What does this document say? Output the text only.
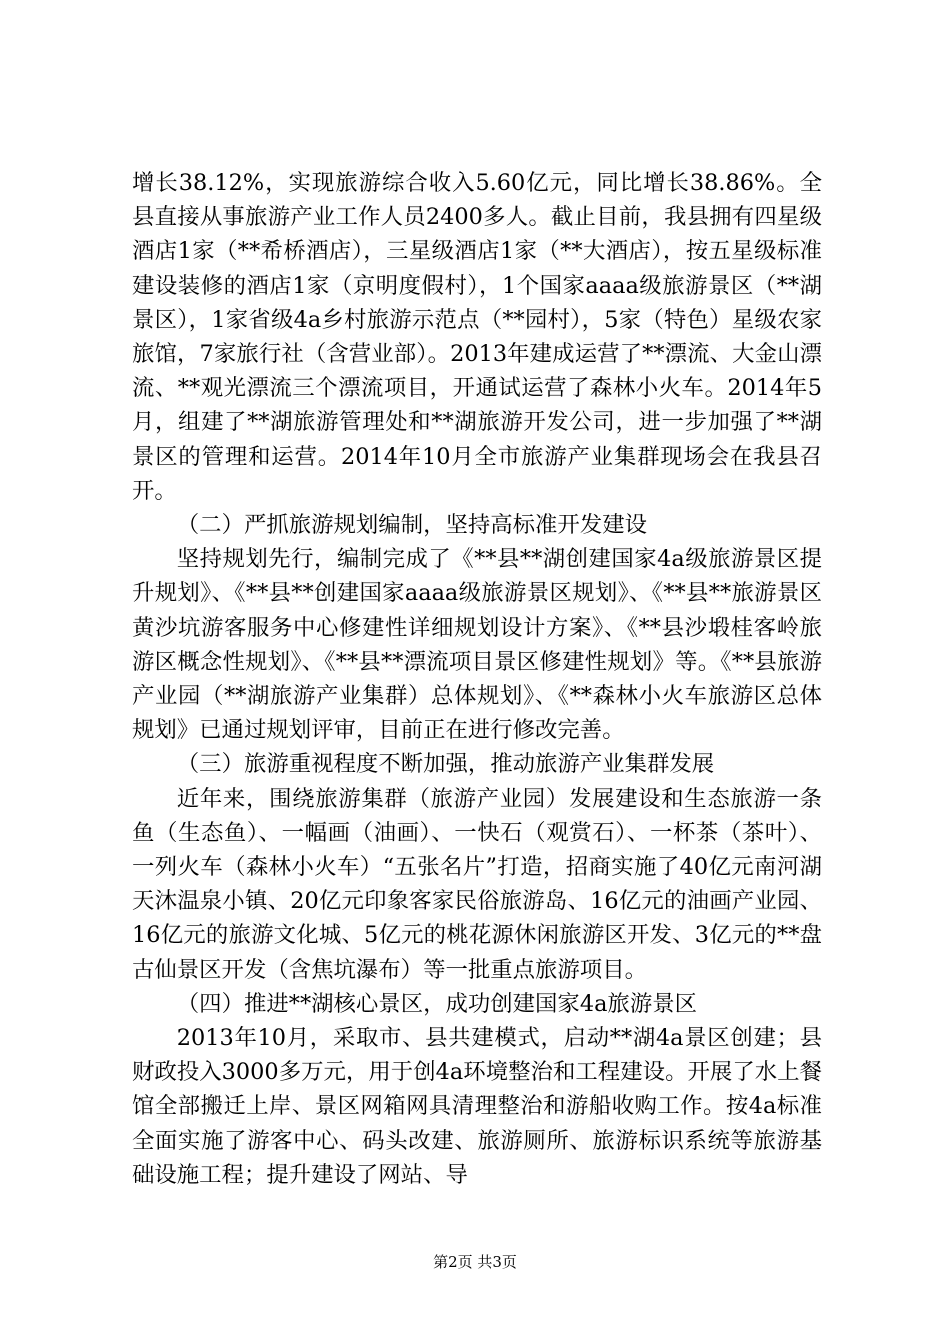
增长38.12%，实现旅游综合收入5.60亿元，同比增长38.86%。全县直接从事旅游产业工作人员2400多人。截止目前，我县拥有四星级酒店1家（**希桥酒店），三星级酒店1家（**大酒店），按五星级标准建设装修的酒店1家（京明度假村），1个国家aaaa级旅游景区（**湖景区），1家省级4a乡村旅游示范点（**园村），5家（特色）星级农家旅馆，7家旅行社（含营业部）。2013年建成运营了**漂流、大金山漂流、**观光漂流三个漂流项目，开通试运营了森林小火车。2014年5月，组建了**湖旅游管理处和**湖旅游开发公司，进一步加强了**湖景区的管理和运营。2014年10月全市旅游产业集群现场会在我县召开。

（二）严抓旅游规划编制，坚持高标准开发建设

坚持规划先行，编制完成了《**县**湖创建国家4a级旅游景区提升规划》、《**县**创建国家aaaa级旅游景区规划》、《**县**旅游景区黄沙坑游客服务中心修建性详细规划设计方案》、《**县沙塅桂客岭旅游区概念性规划》、《**县**漂流项目景区修建性规划》等。《**县旅游产业园（**湖旅游产业集群）总体规划》、《**森林小火车旅游区总体规划》已通过规划评审，目前正在进行修改完善。

（三）旅游重视程度不断加强，推动旅游产业集群发展

近年来，围绕旅游集群（旅游产业园）发展建设和生态旅游一条鱼（生态鱼）、一幅画（油画）、一快石（观赏石）、一杯茶（茶叶）、一列火车（森林小火车）“五张名片”打造，招商实施了40亿元南河湖天沐温泉小镇、20亿元印象客家民俗旅游岛、16亿元的油画产业园、16亿元的旅游文化城、5亿元的桃花源休闲旅游区开发、3亿元的**盘古仙景区开发（含焦坑瀑布）等一批重点旅游项目。

（四）推进**湖核心景区，成功创建国家4a旅游景区

2013年10月，采取市、县共建模式，启动**湖4a景区创建；县财政投入3000多万元，用于创4a环境整治和工程建设。开展了水上餐馆全部搬迁上岸、景区网箱网具清理整治和游船收购工作。按4a标准全面实施了游客中心、码头改建、旅游厕所、旅游标识系统等旅游基础设施工程；提升建设了网站、导

第2页 共3页
